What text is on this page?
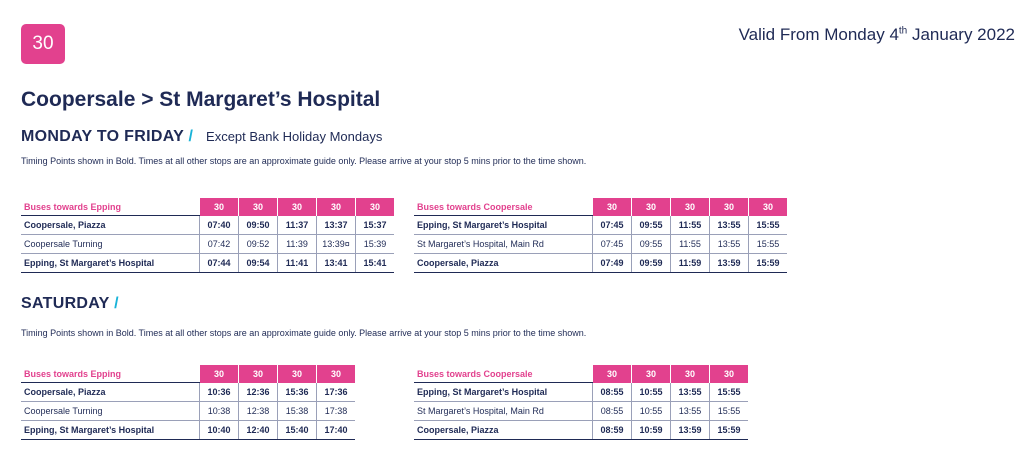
30	Valid From Monday 4th January 2022
Coopersale > St Margaret’s Hospital
MONDAY TO FRIDAY / Except Bank Holiday Mondays
Timing Points shown in Bold. Times at all other stops are an approximate guide only. Please arrive at your stop 5 mins prior to the time shown.
Buses towards Epping	30	30	30	30	30
Coopersale, Piazza	07:40	09:50	11:37	13:37	15:37
Coopersale Turning	07:42	09:52	11:39	13:39¤	15:39
Epping, St Margaret’s Hospital	07:44	09:54	11:41	13:41	15:41
Buses towards Coopersale	30	30	30	30	30
Epping, St Margaret’s Hospital	07:45	09:55	11:55	13:55	15:55
St Margaret’s Hospital, Main Rd	07:45	09:55	11:55	13:55	15:55
Coopersale, Piazza	07:49	09:59	11:59	13:59	15:59
SATURDAY /
Timing Points shown in Bold. Times at all other stops are an approximate guide only. Please arrive at your stop 5 mins prior to the time shown.
Buses towards Epping	30	30	30	30
Coopersale, Piazza	10:36	12:36	15:36	17:36
Coopersale Turning	10:38	12:38	15:38	17:38
Epping, St Margaret’s Hospital	10:40	12:40	15:40	17:40
Buses towards Coopersale	30	30	30	30
Epping, St Margaret’s Hospital	08:55	10:55	13:55	15:55
St Margaret’s Hospital, Main Rd	08:55	10:55	13:55	15:55
Coopersale, Piazza	08:59	10:59	13:59	15:59
